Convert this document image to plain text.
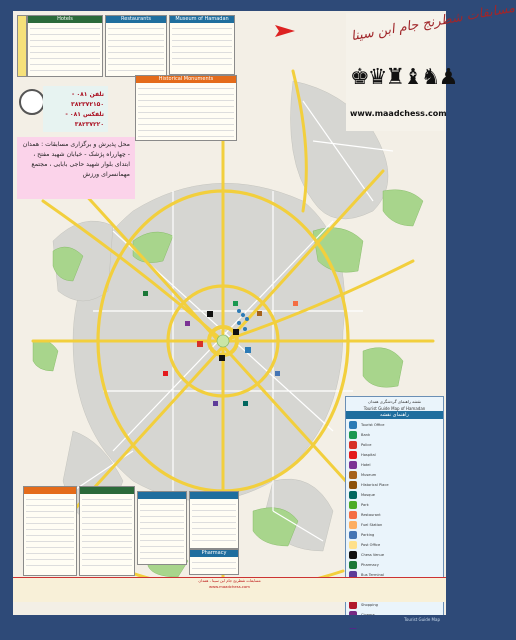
Hotels	Restaurants	Museum of Hamadan
Historical Monuments
تلفن ۰۸۱ - ۳۸۲۳۷۲۱۵۰
تلفکس ۰۸۱ - ۳۸۲۳۷۲۲۰
محل پذیرش و برگزاری مسابقات : همدان - چهارراه پژشک - خیابان شهید مفتح ، ابتدای بلوار شهید حاجی بابایی ، مجتمع مهمانسرای ورزش
مسابقات شطرنج جام ابن سینا
♚♛♜♝♞♟
www.maadchess.com
Pharmacy
نقشه راهنمای گردشگری همدان
Tourist Guide Map of Hamadan
راهنمای نقشه
Tourist Office
Bank
Police
Hospital
Hotel
Museum
Historical Place
Mosque
Park
Restaurant
Fuel Station
Parking
Post Office
Chess Venue
Pharmacy
Bus Terminal
Shopping
مسابقات شطرنج جام ابن سینا - همدان
www.maadchess.com
Tourist Guide Map
